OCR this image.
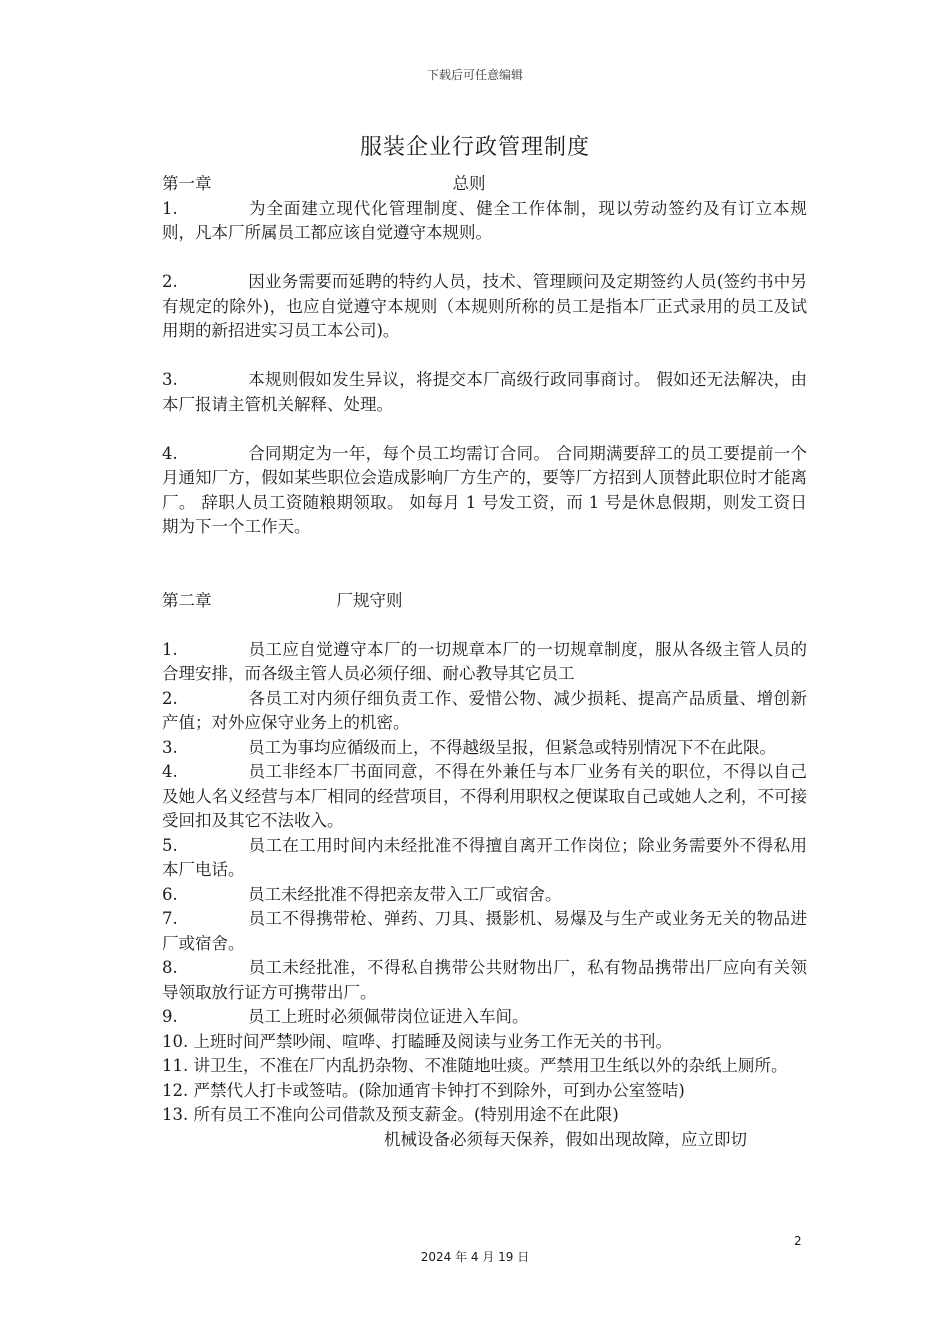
下载后可任意编辑
服装企业行政管理制度

第一章	总则

1.	为全面建立现代化管理制度、健全工作体制，现以劳动签约及有订立本规则，凡本厂所属员工都应该自觉遵守本规则。

2.	因业务需要而延聘的特约人员，技术、管理顾问及定期签约人员(签约书中另有规定的除外)，也应自觉遵守本规则（本规则所称的员工是指本厂正式录用的员工及试用期的新招进实习员工本公司)。

3.	本规则假如发生异议，将提交本厂高级行政同事商讨。 假如还无法解决，由本厂报请主管机关解释、处理。

4.	合同期定为一年，每个员工均需订合同。 合同期满要辞工的员工要提前一个月通知厂方，假如某些职位会造成影响厂方生产的，要等厂方招到人顶替此职位时才能离厂。 辞职人员工资随粮期领取。 如每月 1 号发工资，而 1 号是休息假期，则发工资日期为下一个工作天。

第二章	厂规守则

1.	员工应自觉遵守本厂的一切规章本厂的一切规章制度，服从各级主管人员的合理安排，而各级主管人员必须仔细、耐心教导其它员工

2.	各员工对内须仔细负责工作、爱惜公物、减少损耗、提高产品质量、增创新产值；对外应保守业务上的机密。

3.	员工为事均应循级而上，不得越级呈报，但紧急或特别情况下不在此限。

4.	员工非经本厂书面同意，不得在外兼任与本厂业务有关的职位，不得以自己及她人名义经营与本厂相同的经营项目，不得利用职权之便谋取自己或她人之利，不可接受回扣及其它不法收入。

5.	员工在工用时间内未经批准不得擅自离开工作岗位；除业务需要外不得私用本厂电话。

6.	员工未经批准不得把亲友带入工厂或宿舍。

7.	员工不得携带枪、弹药、刀具、摄影机、易爆及与生产或业务无关的物品进厂或宿舍。

8.	员工未经批准，不得私自携带公共财物出厂，私有物品携带出厂应向有关领导领取放行证方可携带出厂。

9.	员工上班时必须佩带岗位证进入车间。

10. 上班时间严禁吵闹、喧哗、打瞌睡及阅读与业务工作无关的书刊。

11. 讲卫生，不准在厂内乱扔杂物、不准随地吐痰。严禁用卫生纸以外的杂纸上厕所。

12. 严禁代人打卡或签咭。(除加通宵卡钟打不到除外，可到办公室签咭)

13. 所有员工不准向公司借款及预支薪金。(特别用途不在此限)

机械设备必须每天保养，假如出现故障，应立即切

2
2024 年 4 月 19 日
